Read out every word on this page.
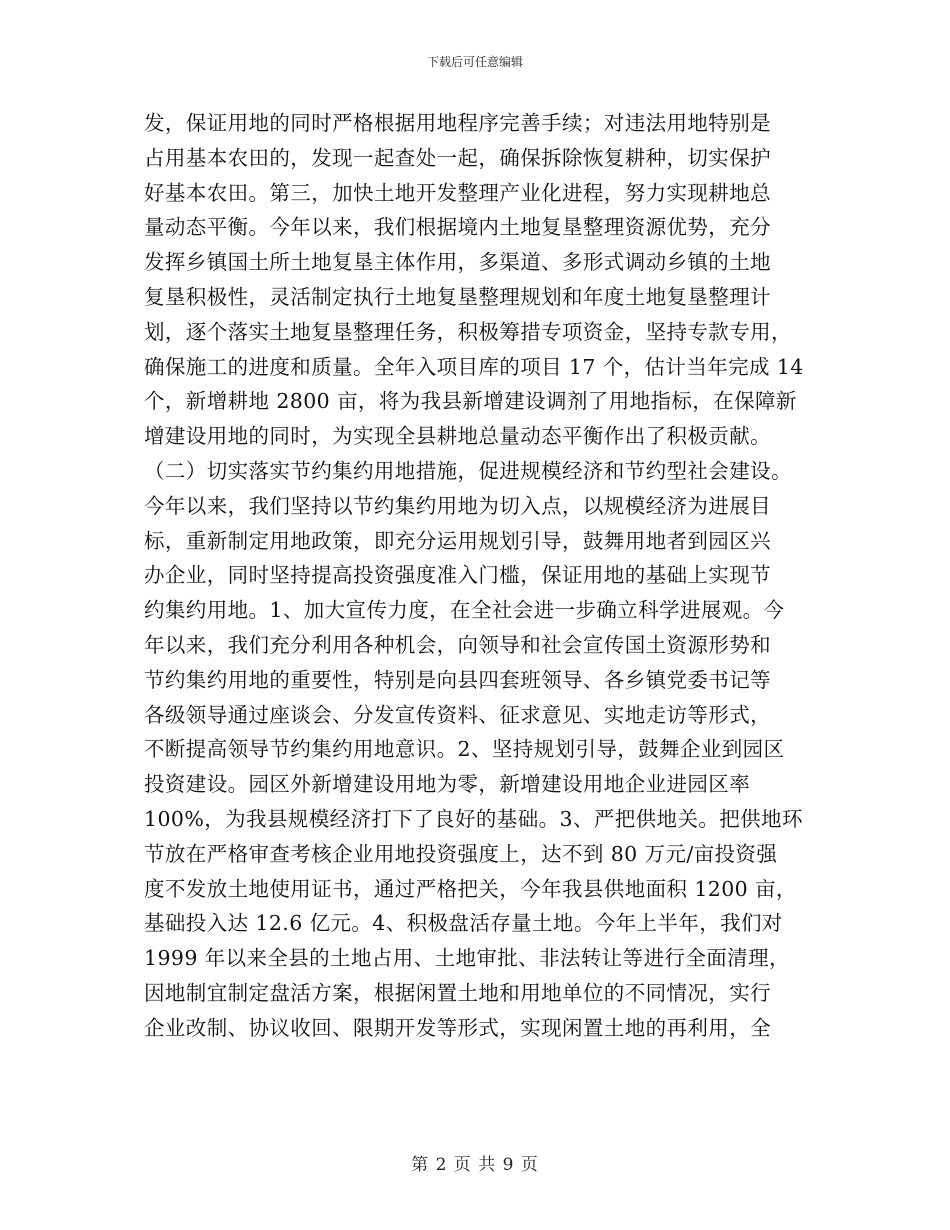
下载后可任意编辑
发，保证用地的同时严格根据用地程序完善手续；对违法用地特别是
占用基本农田的，发现一起查处一起，确保拆除恢复耕种，切实保护
好基本农田。第三，加快土地开发整理产业化进程，努力实现耕地总
量动态平衡。今年以来，我们根据境内土地复垦整理资源优势，充分
发挥乡镇国土所土地复垦主体作用，多渠道、多形式调动乡镇的土地
复垦积极性，灵活制定执行土地复垦整理规划和年度土地复垦整理计
划，逐个落实土地复垦整理任务，积极筹措专项资金，坚持专款专用，
确保施工的进度和质量。全年入项目库的项目 17 个，估计当年完成 14
个，新增耕地 2800 亩，将为我县新增建设调剂了用地指标，在保障新
增建设用地的同时，为实现全县耕地总量动态平衡作出了积极贡献。
（二）切实落实节约集约用地措施，促进规模经济和节约型社会建设。
今年以来，我们坚持以节约集约用地为切入点，以规模经济为进展目
标，重新制定用地政策，即充分运用规划引导，鼓舞用地者到园区兴
办企业，同时坚持提高投资强度准入门槛，保证用地的基础上实现节
约集约用地。1、加大宣传力度，在全社会进一步确立科学进展观。今
年以来，我们充分利用各种机会，向领导和社会宣传国土资源形势和
节约集约用地的重要性，特别是向县四套班领导、各乡镇党委书记等
各级领导通过座谈会、分发宣传资料、征求意见、实地走访等形式，
不断提高领导节约集约用地意识。2、坚持规划引导，鼓舞企业到园区
投资建设。园区外新增建设用地为零，新增建设用地企业进园区率
100%，为我县规模经济打下了良好的基础。3、严把供地关。把供地环
节放在严格审查考核企业用地投资强度上，达不到 80 万元/亩投资强
度不发放土地使用证书，通过严格把关，今年我县供地面积 1200 亩，
基础投入达 12.6 亿元。4、积极盘活存量土地。今年上半年，我们对
1999 年以来全县的土地占用、土地审批、非法转让等进行全面清理，
因地制宜制定盘活方案，根据闲置土地和用地单位的不同情况，实行
企业改制、协议收回、限期开发等形式，实现闲置土地的再利用，全
第 2 页 共 9 页
